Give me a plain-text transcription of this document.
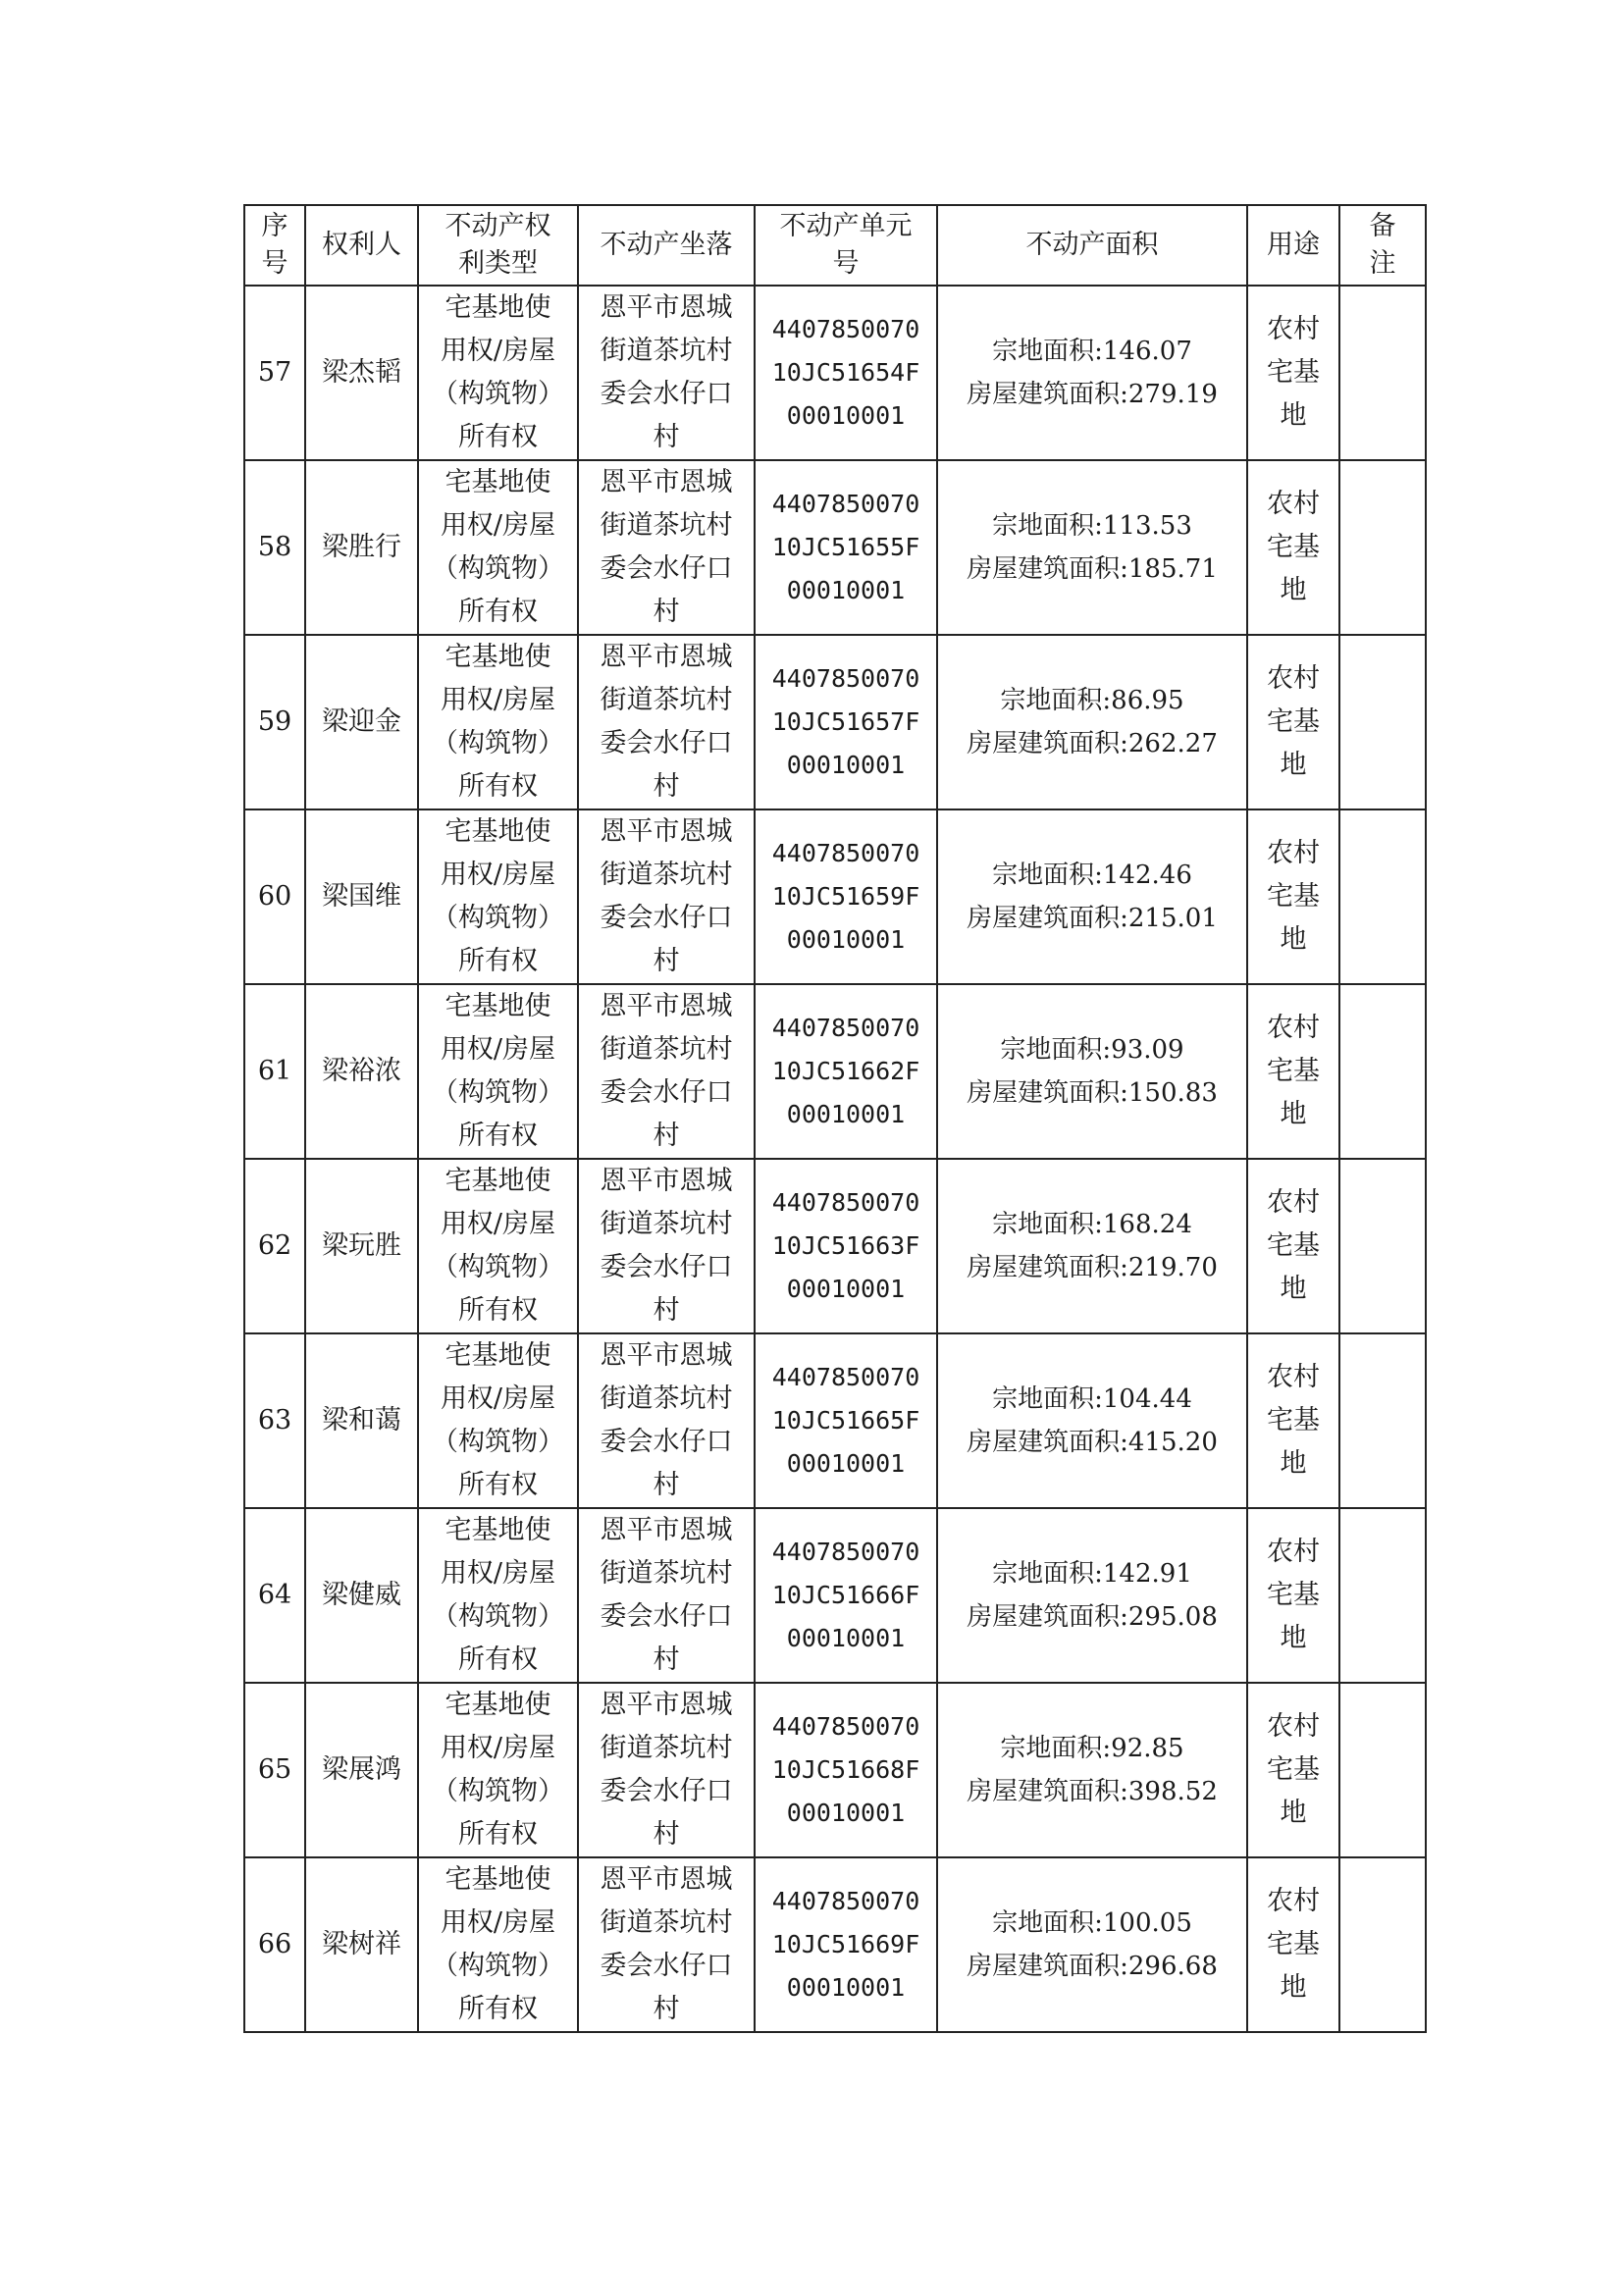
序
号	权利人	不动产权
利类型	不动产坐落	不动产单元
号	不动产面积	用途	备
注

57	梁杰韬	宅基地使
用权/房屋
（构筑物）
所有权	恩平市恩城
街道茶坑村
委会水仔口
村	4407850070
10JC51654F
00010001	宗地面积:146.07
房屋建筑面积:279.19	农村
宅基
地	

58	梁胜行	宅基地使
用权/房屋
（构筑物）
所有权	恩平市恩城
街道茶坑村
委会水仔口
村	4407850070
10JC51655F
00010001	宗地面积:113.53
房屋建筑面积:185.71	农村
宅基
地	

59	梁迎金	宅基地使
用权/房屋
（构筑物）
所有权	恩平市恩城
街道茶坑村
委会水仔口
村	4407850070
10JC51657F
00010001	宗地面积:86.95
房屋建筑面积:262.27	农村
宅基
地	

60	梁国维	宅基地使
用权/房屋
（构筑物）
所有权	恩平市恩城
街道茶坑村
委会水仔口
村	4407850070
10JC51659F
00010001	宗地面积:142.46
房屋建筑面积:215.01	农村
宅基
地	

61	梁裕浓	宅基地使
用权/房屋
（构筑物）
所有权	恩平市恩城
街道茶坑村
委会水仔口
村	4407850070
10JC51662F
00010001	宗地面积:93.09
房屋建筑面积:150.83	农村
宅基
地	

62	梁玩胜	宅基地使
用权/房屋
（构筑物）
所有权	恩平市恩城
街道茶坑村
委会水仔口
村	4407850070
10JC51663F
00010001	宗地面积:168.24
房屋建筑面积:219.70	农村
宅基
地	

63	梁和蔼	宅基地使
用权/房屋
（构筑物）
所有权	恩平市恩城
街道茶坑村
委会水仔口
村	4407850070
10JC51665F
00010001	宗地面积:104.44
房屋建筑面积:415.20	农村
宅基
地	

64	梁健威	宅基地使
用权/房屋
（构筑物）
所有权	恩平市恩城
街道茶坑村
委会水仔口
村	4407850070
10JC51666F
00010001	宗地面积:142.91
房屋建筑面积:295.08	农村
宅基
地	

65	梁展鸿	宅基地使
用权/房屋
（构筑物）
所有权	恩平市恩城
街道茶坑村
委会水仔口
村	4407850070
10JC51668F
00010001	宗地面积:92.85
房屋建筑面积:398.52	农村
宅基
地	

66	梁树祥	宅基地使
用权/房屋
（构筑物）
所有权	恩平市恩城
街道茶坑村
委会水仔口
村	4407850070
10JC51669F
00010001	宗地面积:100.05
房屋建筑面积:296.68	农村
宅基
地	
